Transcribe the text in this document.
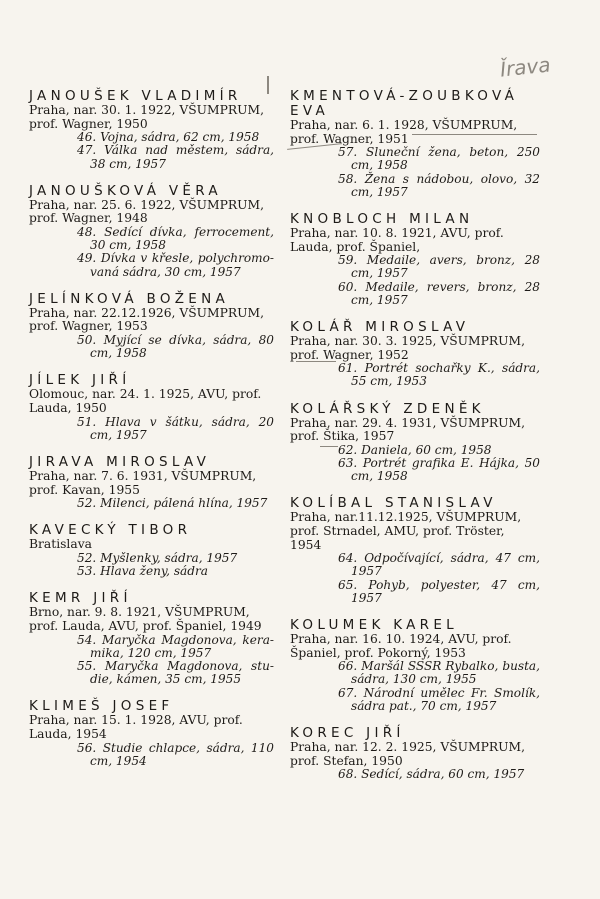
Ǐrava
JANOUŠEK VLADIMÍR
Praha, nar. 30. 1. 1922, VŠUMPRUM,
prof. Wagner, 1950
46. Vojna, sádra, 62 cm, 1958
47. Válka nad městem, sádra, 38 cm, 1957
JANOUŠKOVÁ VĚRA
Praha, nar. 25. 6. 1922, VŠUMPRUM,
prof. Wagner, 1948
48. Sedící dívka, ferrocement, 30 cm, 1958
49. Dívka v křesle, polychromo-vaná sádra, 30 cm, 1957
JELÍNKOVÁ BOŽENA
Praha, nar. 22.12.1926, VŠUMPRUM,
prof. Wagner, 1953
50. Myjící se dívka, sádra, 80 cm, 1958
JÍLEK JIŘÍ
Olomouc, nar. 24. 1. 1925, AVU, prof.
Lauda, 1950
51. Hlava v šátku, sádra, 20 cm, 1957
JIRAVA MIROSLAV
Praha, nar. 7. 6. 1931, VŠUMPRUM,
prof. Kavan, 1955
52. Milenci, pálená hlína, 1957
KAVECKÝ TIBOR
Bratislava
52. Myšlenky, sádra, 1957
53. Hlava ženy, sádra
KEMR JIŘÍ
Brno, nar. 9. 8. 1921, VŠUMPRUM,
prof. Lauda, AVU, prof. Španiel, 1949
54. Maryčka Magdonova, kera-mika, 120 cm, 1957
55. Maryčka Magdonova, stu-die, kámen, 35 cm, 1955
KLIMEŠ JOSEF
Praha, nar. 15. 1. 1928, AVU, prof.
Lauda, 1954
56. Studie chlapce, sádra, 110 cm, 1954
KMENTOVÁ-ZOUBKOVÁ EVA
Praha, nar. 6. 1. 1928, VŠUMPRUM,
prof. Wagner, 1951
57. Sluneční žena, beton, 250 cm, 1958
58. Žena s nádobou, olovo, 32 cm, 1957
KNOBLOCH MILAN
Praha, nar. 10. 8. 1921, AVU, prof.
Lauda, prof. Španiel,
59. Medaile, avers, bronz, 28 cm, 1957
60. Medaile, revers, bronz, 28 cm, 1957
KOLÁŘ MIROSLAV
Praha, nar. 30. 3. 1925, VŠUMPRUM,
prof. Wagner, 1952
61. Portrét sochařky K., sádra, 55 cm, 1953
KOLÁŘSKÝ ZDENĚK
Praha, nar. 29. 4. 1931, VŠUMPRUM,
prof. Štika, 1957
62. Daniela, 60 cm, 1958
63. Portrét grafika E. Hájka, 50 cm, 1958
KOLÍBAL STANISLAV
Praha, nar.11.12.1925, VŠUMPRUM,
prof. Strnadel, AMU, prof. Tröster,
1954
64. Odpočívající, sádra, 47 cm, 1957
65. Pohyb, polyester, 47 cm, 1957
KOLUMEK KAREL
Praha, nar. 16. 10. 1924, AVU, prof.
Španiel, prof. Pokorný, 1953
66. Maršál SSSR Rybalko, busta, sádra, 130 cm, 1955
67. Národní umělec Fr. Smolík, sádra pat., 70 cm, 1957
KOREC JIŘÍ
Praha, nar. 12. 2. 1925, VŠUMPRUM,
prof. Stefan, 1950
68. Sedící, sádra, 60 cm, 1957
